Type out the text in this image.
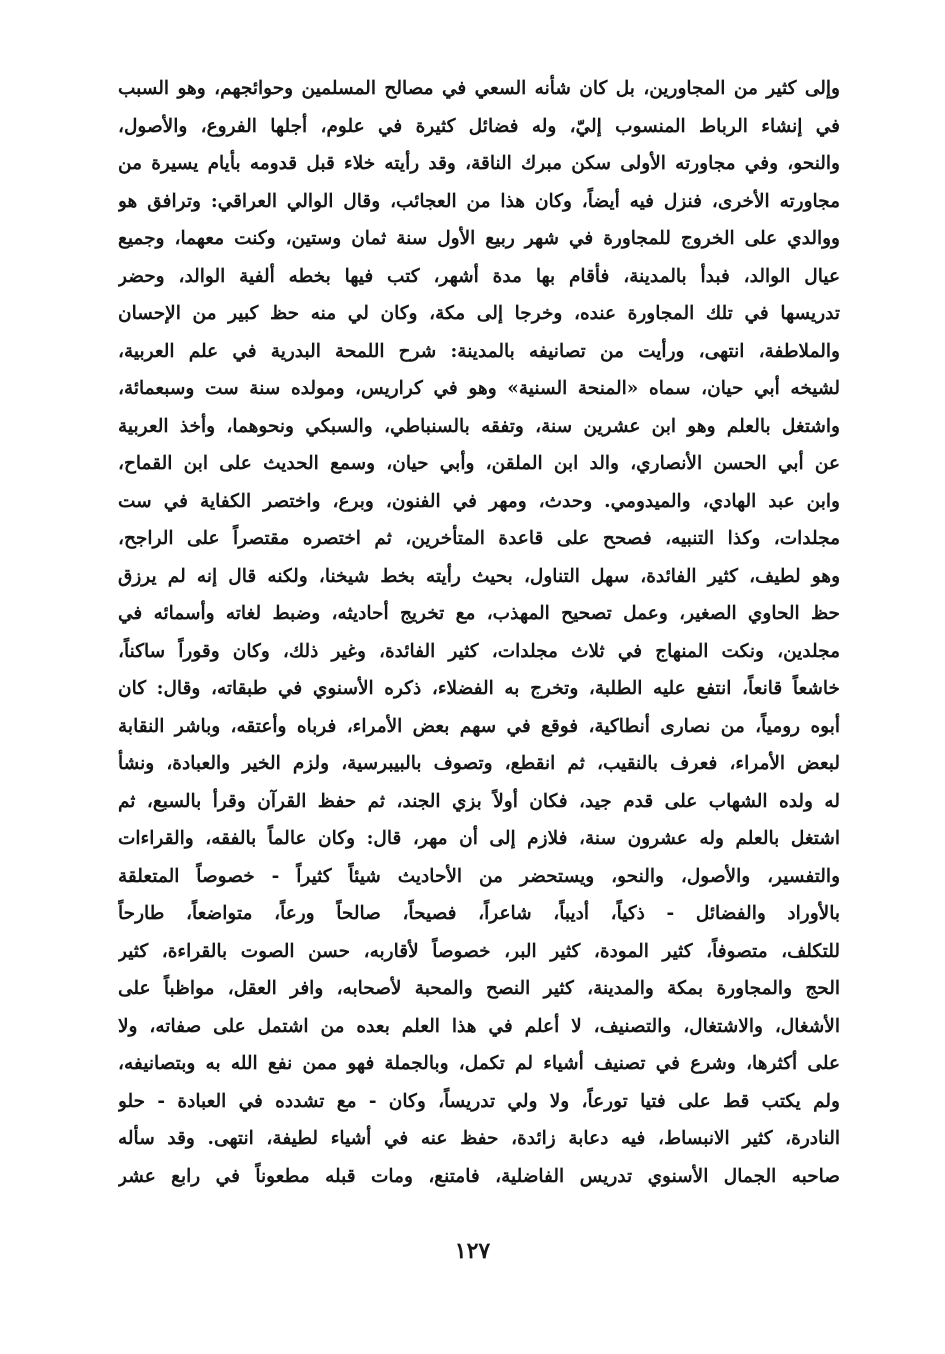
وإلى كثير من المجاورين، بل كان شأنه السعي في مصالح المسلمين وحوائجهم، وهو السبب
في إنشاء الرباط المنسوب إليّ، وله فضائل كثيرة في علوم، أجلها الفروع، والأصول،
والنحو، وفي مجاورته الأولى سكن مبرك الناقة، وقد رأيته خلاء قبل قدومه بأيام يسيرة من
مجاورته الأخرى، فنزل فيه أيضاً، وكان هذا من العجائب، وقال الوالي العراقي: وترافق هو
ووالدي على الخروج للمجاورة في شهر ربيع الأول سنة ثمان وستين، وكنت معهما، وجميع
عيال الوالد، فبدأ بالمدينة، فأقام بها مدة أشهر، كتب فيها بخطه ألفية الوالد، وحضر
تدريسها في تلك المجاورة عنده، وخرجا إلى مكة، وكان لي منه حظ كبير من الإحسان
والملاطفة، انتهى، ورأيت من تصانيفه بالمدينة: شرح اللمحة البدرية في علم العربية،
لشيخه أبي حيان، سماه «المنحة السنية» وهو في كراريس، ومولده سنة ست وسبعمائة،
واشتغل بالعلم وهو ابن عشرين سنة، وتفقه بالسنباطي، والسبكي ونحوهما، وأخذ العربية
عن أبي الحسن الأنصاري، والد ابن الملقن، وأبي حيان، وسمع الحديث على ابن القماح،
وابن عبد الهادي، والميدومي. وحدث، ومهر في الفنون، وبرع، واختصر الكفاية في ست
مجلدات، وكذا التنبيه، فصحح على قاعدة المتأخرين، ثم اختصره مقتصراً على الراجح،
وهو لطيف، كثير الفائدة، سهل التناول، بحيث رأيته بخط شيخنا، ولكنه قال إنه لم يرزق
حظ الحاوي الصغير، وعمل تصحيح المهذب، مع تخريج أحاديثه، وضبط لغاته وأسمائه في
مجلدين، ونكت المنهاج في ثلاث مجلدات، كثير الفائدة، وغير ذلك، وكان وقوراً ساكناً،
خاشعاً قانعاً، انتفع عليه الطلبة، وتخرج به الفضلاء، ذكره الأسنوي في طبقاته، وقال: كان
أبوه رومياً، من نصارى أنطاكية، فوقع في سهم بعض الأمراء، فرباه وأعتقه، وباشر النقابة
لبعض الأمراء، فعرف بالنقيب، ثم انقطع، وتصوف بالبيبرسية، ولزم الخير والعبادة، ونشأ
له ولده الشهاب على قدم جيد، فكان أولاً بزي الجند، ثم حفظ القرآن وقرأ بالسبع، ثم
اشتغل بالعلم وله عشرون سنة، فلازم إلى أن مهر، قال: وكان عالماً بالفقه، والقراءات
والتفسير، والأصول، والنحو، ويستحضر من الأحاديث شيئاً كثيراً - خصوصاً المتعلقة
بالأوراد والفضائل - ذكياً، أديباً، شاعراً، فصيحاً، صالحاً ورعاً، متواضعاً، طارحاً
للتكلف، متصوفاً، كثير المودة، كثير البر، خصوصاً لأقاربه، حسن الصوت بالقراءة، كثير
الحج والمجاورة بمكة والمدينة، كثير النصح والمحبة لأصحابه، وافر العقل، مواظباً على
الأشغال، والاشتغال، والتصنيف، لا أعلم في هذا العلم بعده من اشتمل على صفاته، ولا
على أكثرها، وشرع في تصنيف أشياء لم تكمل، وبالجملة فهو ممن نفع الله به وبتصانيفه،
ولم يكتب قط على فتيا تورعاً، ولا ولي تدريساً، وكان - مع تشدده في العبادة - حلو
النادرة، كثير الانبساط، فيه دعابة زائدة، حفظ عنه في أشياء لطيفة، انتهى. وقد سأله
صاحبه الجمال الأسنوي تدريس الفاضلية، فامتنع، ومات قبله مطعوناً في رابع عشر
١٢٧
